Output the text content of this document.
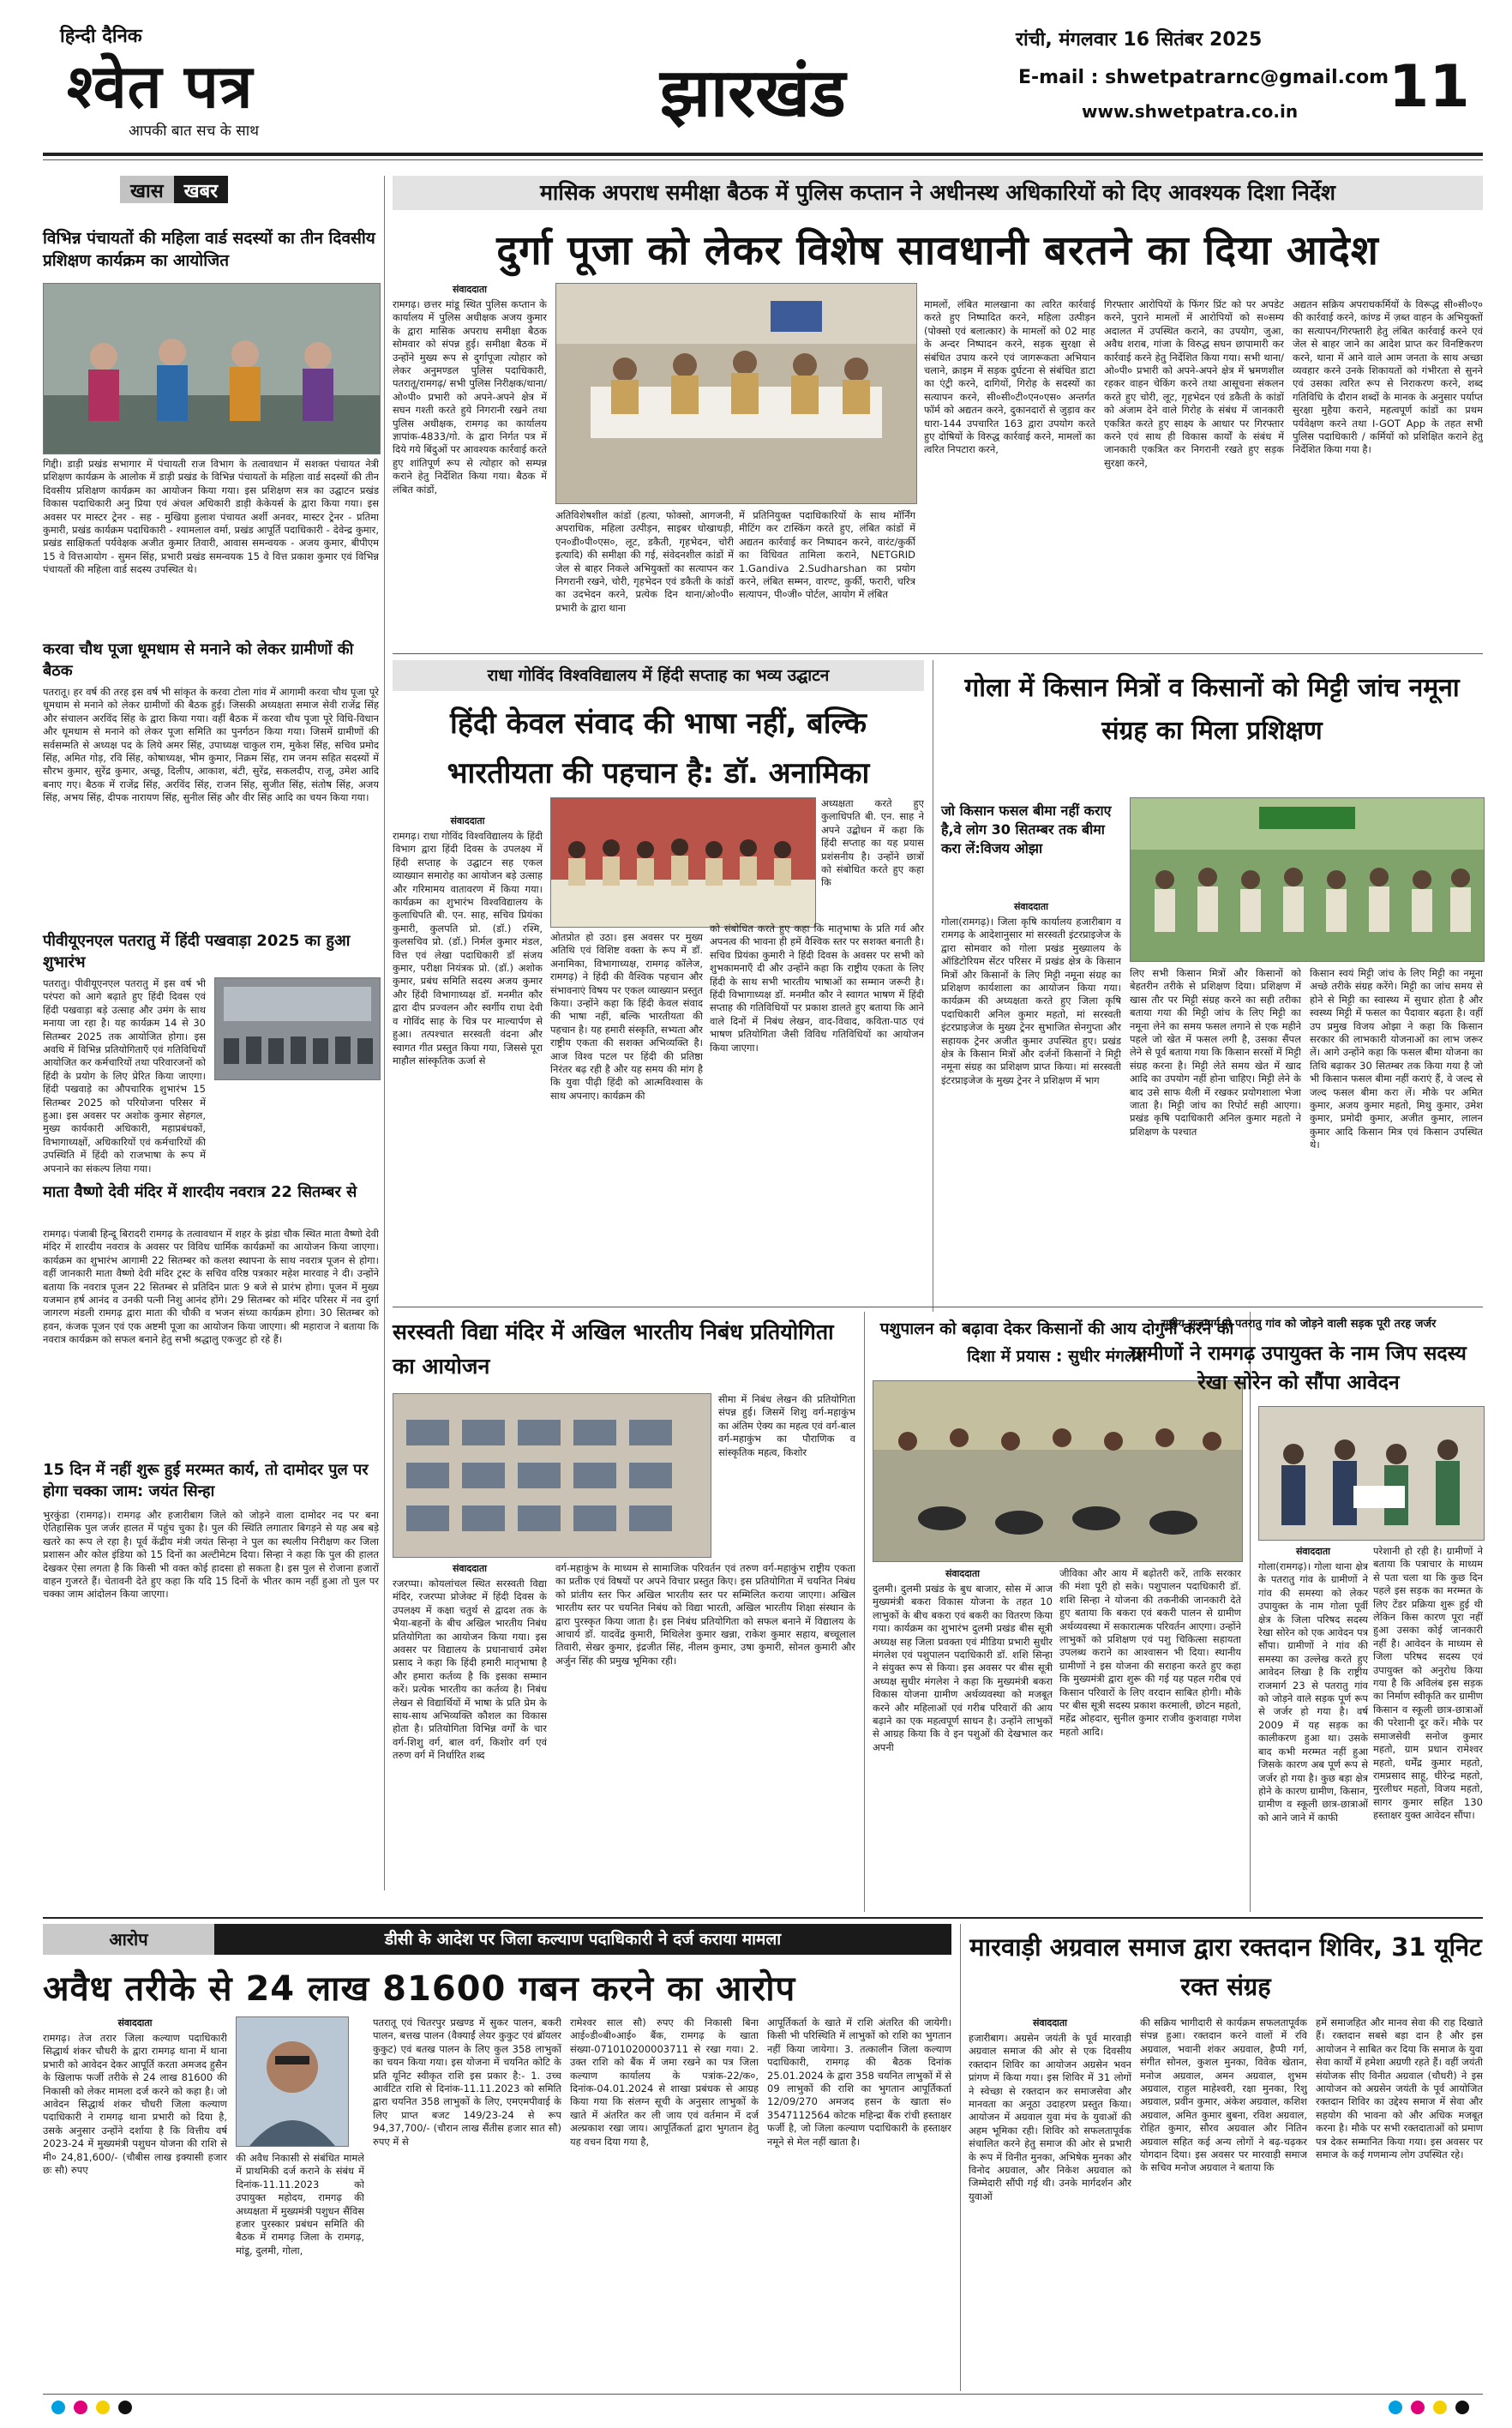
हिन्दी दैनिक
श्वेत पत्र
आपकी बात सच के साथ	झारखंड
रांची, मंगलवार 16 सितंबर 2025
E-mail : shwetpatrarnc@gmail.com
www.shwetpatra.co.in 11
खास	खबर
विभिन्न पंचायतों की महिला वार्ड सदस्यों का तीन दिवसीय प्रशिक्षण कार्यक्रम का आयोजित
गिद्दी। डाड़ी प्रखंड सभागार में पंचायती राज विभाग के तत्वावधान में सशक्त पंचायत नेत्री प्रशिक्षण कार्यक्रम के आलोक में डाड़ी प्रखंड के विभिन्न पंचायतों के महिला वार्ड सदस्यों की तीन दिवसीय प्रशिक्षण कार्यक्रम का आयोजन किया गया। इस प्रशिक्षण सत्र का उद्घाटन प्रखंड विकास पदाधिकारी अनु प्रिया एवं अंचल अधिकारी डाड़ी केकेयर्स के द्वारा किया गया। इस अवसर पर मास्टर ट्रेनर - सह - मुखिया हुलाश पंचायत अर्शी अनवर, मास्टर ट्रेनर - प्रतिमा कुमारी, प्रखंड कार्यक्रम पदाधिकारी - श्यामलाल वर्मा, प्रखंड आपूर्ति पदाधिकारी - देवेन्द्र कुमार, प्रखंड साक्षिकर्ता पर्यवेक्षक अजीत कुमार तिवारी, आवास समन्वयक - अजय कुमार, बीपीएम 15 वे वित्तआयोग - सुमन सिंह, प्रभारी प्रखंड समन्वयक 15 वे वित्त प्रकाश कुमार एवं विभिन्न पंचायतों की महिला वार्ड सदस्य उपस्थित थे।
करवा चौथ पूजा धूमधाम से मनाने को लेकर ग्रामीणों की बैठक
पतरातू। हर वर्ष की तरह इस वर्ष भी सांकृत के करवा टोला गांव में आगामी करवा चौथ पूजा पूरे धूमधाम से मनाने को लेकर ग्रामीणों की बैठक हुई। जिसकी अध्यक्षता समाज सेवी राजेंद्र सिंह और संचालन अरविंद सिंह के द्वारा किया गया। वहीं बैठक में करवा चौथ पूजा पूरे विधि-विधान और धूमधाम से मनाने को लेकर पूजा समिति का पुनर्गठन किया गया। जिसमें ग्रामीणों की सर्वसम्मति से अध्यक्ष पद के लिये अमर सिंह, उपाध्यक्ष चाकुल राम, मुकेश सिंह, सचिव प्रमोद सिंह, अमित गोड़, रवि सिंह, कोषाध्यक्ष, भीम कुमार, निक्रम सिंह, राम जनम सहित सदस्यों में सौरभ कुमार, सुरेंद्र कुमार, अच्छू, दिलीप, आकाश, बंटी, सुरेंद्र, सकलदीप, राजू, उमेश आदि बनाए गए। बैठक में राजेंद्र सिंह, अरविंद सिंह, राजन सिंह, सुजीत सिंह, संतोष सिंह, अजय सिंह, अभय सिंह, दीपक नारायण सिंह, सुनील सिंह और वीर सिंह आदि का चयन किया गया।
पीवीयूएनएल पतरातु में हिंदी पखवाड़ा 2025 का हुआ शुभारंभ
पतरातु। पीवीयूएनएल पतरातु में इस वर्ष भी परंपरा को आगे बढ़ाते हुए हिंदी दिवस एवं हिंदी पखवाड़ा बड़े उत्साह और उमंग के साथ मनाया जा रहा है। यह कार्यक्रम 14 से 30 सितम्बर 2025 तक आयोजित होगा। इस अवधि में विभिन्न प्रतियोगिताएँ एवं गतिविधियाँ आयोजित कर कर्मचारियों तथा परिवारजनों को हिंदी के प्रयोग के लिए प्रेरित किया जाएगा। हिंदी पखवाड़े का औपचारिक शुभारंभ 15 सितम्बर 2025 को परियोजना परिसर में हुआ। इस अवसर पर अशोक कुमार सेहगल, मुख्य कार्यकारी अधिकारी, महाप्रबंधकों, विभागाध्यक्षों, अधिकारियों एवं कर्मचारियों की उपस्थिति में हिंदी को राजभाषा के रूप में अपनाने का संकल्प लिया गया।
माता वैष्णो देवी मंदिर में शारदीय नवरात्र 22 सितम्बर से
रामगढ़। पंजाबी हिन्दू बिरादरी रामगढ़ के तत्वावधान में शहर के झंडा चौक स्थित माता वैष्णो देवी मंदिर में शारदीय नवरात्र के अवसर पर विविध धार्मिक कार्यक्रमों का आयोजन किया जाएगा। कार्यक्रम का शुभारंभ आगामी 22 सितम्बर को कलश स्थापना के साथ नवरात्र पूजन से होगा। वहीं जानकारी माता वैष्णो देवी मंदिर ट्रस्ट के सचिव वरिष्ठ पत्रकार महेश मारवाह ने दी। उन्होंने बताया कि नवरात्र पूजन 22 सितम्बर से प्रतिदिन प्रातः 9 बजे से प्रारंभ होगा। पूजन में मुख्य यजमान हर्ष आनंद व उनकी पत्नी निशु आनंद होंगे। 29 सितम्बर को मंदिर परिसर में नव दुर्गा जागरण मंडली रामगढ़ द्वारा माता की चौकी व भजन संध्या कार्यक्रम होगा। 30 सितम्बर को हवन, कंजक पूजन एवं एक अष्टमी पूजा का आयोजन किया जाएगा। श्री महाराज ने बताया कि नवरात्र कार्यक्रम को सफल बनाने हेतु सभी श्रद्धालु एकजुट हो रहे हैं।
15 दिन में नहीं शुरू हुई मरम्मत कार्य, तो दामोदर पुल पर होगा चक्का जाम: जयंत सिन्हा
भुरकुंडा (रामगढ़)। रामगढ़ और हजारीबाग जिले को जोड़ने वाला दामोदर नद पर बना ऐतिहासिक पुल जर्जर हालत में पहुंच चुका है। पुल की स्थिति लगातार बिगड़ने से यह अब बड़े खतरे का रूप ले रहा है। पूर्व केंद्रीय मंत्री जयंत सिन्हा ने पुल का स्थलीय निरीक्षण कर जिला प्रशासन और कोल इंडिया को 15 दिनों का अल्टीमेटम दिया। सिन्हा ने कहा कि पुल की हालत देखकर ऐसा लगता है कि किसी भी वक्त कोई हादसा हो सकता है। इस पुल से रोजाना हजारों वाहन गुजरते हैं। चेतावनी देते हुए कहा कि यदि 15 दिनों के भीतर काम नहीं हुआ तो पुल पर चक्का जाम आंदोलन किया जाएगा।
मासिक अपराध समीक्षा बैठक में पुलिस कप्तान ने अधीनस्थ अधिकारियों को दिए आवश्यक दिशा निर्देश
दुर्गा पूजा को लेकर विशेष सावधानी बरतने का दिया आदेश
संवाददाता
रामगढ़। छत्तर मांडू स्थित पुलिस कप्तान के कार्यालय में पुलिस अधीक्षक अजय कुमार के द्वारा मासिक अपराध समीक्षा बैठक सोमवार को संपन्न हुई। समीक्षा बैठक में उन्होंने मुख्य रूप से दुर्गापूजा त्योहार को लेकर अनुमण्डल पुलिस पदाधिकारी, पतरातू/रामगढ़/ सभी पुलिस निरीक्षक/थाना/ओ०पी० प्रभारी को अपने-अपने क्षेत्र में सघन गश्ती करते हुये निगरानी रखने तथा पुलिस अधीक्षक, रामगढ़ का कार्यालय ज्ञापांक-4833/गो. के द्वारा निर्गत पत्र में दिये गये बिंदुओं पर आवश्यक कार्रवाई करते हुए शांतिपूर्ण रूप से त्योहार को सम्पन्न कराने हेतु निर्देशित किया गया। बैठक में लंबित कांडों,
अतिविशेषशील कांडों (हत्या, फोक्सो, आगजनी, अपराधिक, महिला उत्पीड़न, साइबर धोखाधड़ी, एन०डी०पी०एस०, लूट, डकैती, गृहभेदन, चोरी इत्यादि) की समीक्षा की गई, संवेदनशील कांडों में जेल से बाहर निकले अभियुक्तों का सत्यापन कर निगरानी रखने, चोरी, गृहभेदन एवं डकैती के कांडों का उदभेदन करने, प्रत्येक दिन थाना/ओ०पी० प्रभारी के द्वारा थाना
में प्रतिनियुक्त पदाधिकारियों के साथ मॉर्निंग मीटिंग कर टास्किंग करते हुए, लंबित कांडों में अद्यतन कार्रवाई कर निष्पादन करने, वारंट/कुर्की का विधिवत तामिला कराने, NETGRID 1.Gandiva 2.Sudharshan का प्रयोग करने, लंबित सम्मन, वारण्ट, कुर्की, फरारी, चरित्र सत्यापन, पी०जी० पोर्टल, आयोग में लंबित
मामलों, लंबित मालखाना का त्वरित कार्रवाई करते हुए निष्पादित करने, महिला उत्पीड़न (पोक्सो एवं बलात्कार) के मामलों को 02 माह के अन्दर निष्पादन करने, सड़क सुरक्षा से संबंधित उपाय करने एवं जागरूकता अभियान चलाने, क्राइम में सड़क दुर्घटना से संबंधित डाटा का एंट्री करने, दागियों, गिरोह के सदस्यों का सत्यापन करने, सी०सी०टी०एन०एस० अन्तर्गत फॉर्म को अद्यतन करने, दुकानदारों से जुड़ाव कर धारा-144 उपचारित 163 द्वारा उपयोग करते हुए दोषियों के विरुद्ध कार्रवाई करने, मामलों का त्वरित निपटारा करने,
गिरफ्तार आरोपियों के फिंगर प्रिंट को पर अपडेट करने, पुराने मामलों में आरोपियों को स०सम्य अदालत में उपस्थित कराने, का उपयोग, जुआ, अवैध शराब, गांजा के विरुद्ध सघन छापामारी कर कार्रवाई करने हेतु निर्देशित किया गया। सभी थाना/ओ०पी० प्रभारी को अपने-अपने क्षेत्र में भ्रमणशील रहकर वाहन चेकिंग करने तथा आसूचना संकलन करते हुए चोरी, लूट, गृहभेदन एवं डकैती के कांडों को अंजाम देने वाले गिरोह के संबंध में जानकारी एकत्रित करते हुए साक्ष्य के आधार पर गिरफ्तार करने एवं साथ ही विकास कार्यों के संबंध में जानकारी एकत्रित कर निगरानी रखते हुए सड़क सुरक्षा करने,
अद्यतन सक्रिय अपराधकर्मियों के विरूद्ध सी०सी०ए० की कार्रवाई करने, कांण्ड में ज़ब्त वाहन के अभियुक्तों का सत्यापन/गिरफ्तारी हेतु लंबित कार्रवाई करने एवं जेल से बाहर जाने का आदेश प्राप्त कर विनष्टिकरण करने, थाना में आने वाले आम जनता के साथ अच्छा व्यवहार करने उनके शिकायतों को गंभीरता से सुनने एवं उसका त्वरित रूप से निराकरण करने, शब्द गतिविधि के दौरान शब्दों के मानक के अनुसार पर्याप्त सुरक्षा मुहैया कराने, महत्वपूर्ण कांडों का प्रथम पर्यवेक्षण करने तथा I-GOT App के तहत सभी पुलिस पदाधिकारी / कर्मियों को प्रशिक्षित कराने हेतु निर्देशित किया गया है।
राधा गोविंद विश्वविद्यालय में हिंदी सप्ताह का भव्य उद्घाटन
हिंदी केवल संवाद की भाषा नहीं, बल्कि भारतीयता की पहचान है: डॉ. अनामिका
अध्यक्षता करते हुए कुलाधिपति बी. एन. साह ने अपने उद्बोधन में कहा कि हिंदी सप्ताह का यह प्रयास प्रशंसनीय है। उन्होंने छात्रों को संबोधित करते हुए कहा कि
संवाददाता
रामगढ़। राधा गोविंद विश्वविद्यालय के हिंदी विभाग द्वारा हिंदी दिवस के उपलक्ष्य में हिंदी सप्ताह के उद्घाटन सह एकल व्याख्यान समारोह का आयोजन बड़े उत्साह और गरिमामय वातावरण में किया गया। कार्यक्रम का शुभारंभ विश्वविद्यालय के कुलाधिपति बी. एन. साह, सचिव प्रियंका कुमारी, कुलपति प्रो. (डॉ.) रश्मि, कुलसचिव प्रो. (डॉ.) निर्मल कुमार मंडल, वित्त एवं लेखा पदाधिकारी डॉ संजय कुमार, परीक्षा नियंत्रक प्रो. (डॉ.) अशोक कुमार, प्रबंध समिति सदस्य अजय कुमार और हिंदी विभागाध्यक्ष डॉ. मनमीत कौर द्वारा दीप प्रज्वलन और स्वर्गीय राधा देवी व गोविंद साह के चित्र पर माल्यार्पण से हुआ। तत्पश्चात सरस्वती वंदना और स्वागत गीत प्रस्तुत किया गया, जिससे पूरा माहौल सांस्कृतिक ऊर्जा से
ओतप्रोत हो उठा। इस अवसर पर मुख्य अतिथि एवं विशिष्ट वक्ता के रूप में डॉ. अनामिका, विभागाध्यक्ष, रामगढ़ कॉलेज, रामगढ़) ने हिंदी की वैश्विक पहचान और संभावनाएं विषय पर एकल व्याख्यान प्रस्तुत किया। उन्होंने कहा कि हिंदी केवल संवाद की भाषा नहीं, बल्कि भारतीयता की पहचान है। यह हमारी संस्कृति, सभ्यता और राष्ट्रीय एकता की सशक्त अभिव्यक्ति है। आज विश्व पटल पर हिंदी की प्रतिष्ठा निरंतर बढ़ रही है और यह समय की मांग है कि युवा पीढ़ी हिंदी को आत्मविश्वास के साथ अपनाए। कार्यक्रम की
को संबोधित करते हुए कहा कि मातृभाषा के प्रति गर्व और अपनत्व की भावना ही हमें वैश्विक स्तर पर सशक्त बनाती है। सचिव प्रियंका कुमारी ने हिंदी दिवस के अवसर पर सभी को शुभकामनाएँ दी और उन्होंने कहा कि राष्ट्रीय एकता के लिए हिंदी के साथ सभी भारतीय भाषाओं का सम्मान जरूरी है। हिंदी विभागाध्यक्ष डॉ. मनमीत कौर ने स्वागत भाषण में हिंदी सप्ताह की गतिविधियों पर प्रकाश डालते हुए बताया कि आने वाले दिनों में निबंध लेखन, वाद-विवाद, कविता-पाठ एवं भाषण प्रतियोगिता जैसी विविध गतिविधियों का आयोजन किया जाएगा।
गोला में किसान मित्रों व किसानों को मिट्टी जांच नमूना संग्रह का मिला प्रशिक्षण
जो किसान फसल बीमा नहीं कराए है,वे लोग 30 सितम्बर तक बीमा करा लें:विजय ओझा
संवाददाता
गोला(रामगढ़)। जिला कृषि कार्यालय हजारीबाग व रामगढ़ के आदेशानुसार मां सरस्वती इंटरप्राइजेज के द्वारा सोमवार को गोला प्रखंड मुख्यालय के ऑडिटोरियम सेंटर परिसर में प्रखंड क्षेत्र के किसान मित्रों और किसानों के लिए मिट्टी नमूना संग्रह का प्रशिक्षण कार्यशाला का आयोजन किया गया। कार्यक्रम की अध्यक्षता करते हुए जिला कृषि पदाधिकारी अनिल कुमार महतो, मां सरस्वती इंटरप्राइजेज के मुख्य ट्रेनर सुभाजित सेनगुप्ता और सहायक ट्रेनर अजीत कुमार उपस्थित हुए। प्रखंड क्षेत्र के किसान मित्रों और दर्जनों किसानों ने मिट्टी नमूना संग्रह का प्रशिक्षण प्राप्त किया। मां सरस्वती इंटरप्राइजेज के मुख्य ट्रेनर ने प्रशिक्षण में भाग
लिए सभी किसान मित्रों और किसानों को बेहतरीन तरीके से प्रशिक्षण दिया। प्रशिक्षण में खास तौर पर मिट्टी संग्रह करने का सही तरीका बताया गया की मिट्टी जांच के लिए मिट्टी का नमूना लेने का समय फसल लगाने से एक महीने पहले जो खेत में फसल लगी है, उसका सैंपल लेने से पूर्व बताया गया कि किसान सरसों में मिट्टी संग्रह करना है। मिट्टी लेते समय खेत में खाद आदि का उपयोग नहीं होना चाहिए। मिट्टी लेने के बाद उसे साफ थैली में रखकर प्रयोगशाला भेजा जाता है। मिट्टी जांच का रिपोर्ट सही आएगा। प्रखंड कृषि पदाधिकारी अनिल कुमार महतो ने प्रशिक्षण के पश्चात
किसान स्वयं मिट्टी जांच के लिए मिट्टी का नमूना अच्छे तरीके संग्रह करेंगे। मिट्टी का जांच समय से होने से मिट्टी का स्वास्थ्य में सुधार होता है और स्वस्थ्य मिट्टी में फसल का पैदावार बढ़ता है। वहीं उप प्रमुख विजय ओझा ने कहा कि किसान सरकार की लाभकारी योजनाओं का लाभ जरूर लें। आगे उन्होंने कहा कि फसल बीमा योजना का तिथि बढ़ाकर 30 सितम्बर तक किया गया है जो भी किसान फसल बीमा नहीं कराएं हैं, वे जल्द से जल्द फसल बीमा करा लें। मौके पर अमित कुमार, अजय कुमार महतो, मिथु कुमार, उमेश कुमार, प्रमोदी कुमार, अजीत कुमार, लालन कुमार आदि किसान मित्र एवं किसान उपस्थित थे।
सरस्वती विद्या मंदिर में अखिल भारतीय निबंध प्रतियोगिता का आयोजन
सीमा में निबंध लेखन की प्रतियोगिता संपन्न हुई। जिसमें शिशु वर्ग-महाकुंभ का अंतिम ऐक्य का महत्व एवं वर्ग-बाल वर्ग-महाकुंभ का पौराणिक व सांस्कृतिक महत्व, किशोर
संवाददाता
रजरप्पा। कोयलांचल स्थित सरस्वती विद्या मंदिर, रजरप्पा प्रोजेक्ट में हिंदी दिवस के उपलक्ष्य में कक्षा चतुर्थ से द्वादश तक के भैया-बहनों के बीच अखिल भारतीय निबंध प्रतियोगिता का आयोजन किया गया। इस अवसर पर विद्यालय के प्रधानाचार्य उमेश प्रसाद ने कहा कि हिंदी हमारी मातृभाषा है और हमारा कर्तव्य है कि इसका सम्मान करें। प्रत्येक भारतीय का कर्तव्य है। निबंध लेखन से विद्यार्थियों में भाषा के प्रति प्रेम के साथ-साथ अभिव्यक्ति कौशल का विकास होता है। प्रतियोगिता विभिन्न वर्गों के चार वर्ग-शिशु वर्ग, बाल वर्ग, किशोर वर्ग एवं तरुण वर्ग में निर्धारित शब्द
वर्ग-महाकुंभ के माध्यम से सामाजिक परिवर्तन एवं तरुण वर्ग-महाकुंभ राष्ट्रीय एकता का प्रतीक एवं विषयों पर अपने विचार प्रस्तुत किए। इस प्रतियोगिता में चयनित निबंध को प्रांतीय स्तर फिर अखिल भारतीय स्तर पर सम्मिलित कराया जाएगा। अखिल भारतीय स्तर पर चयनित निबंध को विद्या भारती, अखिल भारतीय शिक्षा संस्थान के द्वारा पुरस्कृत किया जाता है। इस निबंध प्रतियोगिता को सफल बनाने में विद्यालय के आचार्य डॉ. यादवेंद्र कुमारी, मिथिलेश कुमार खन्ना, राकेश कुमार सहाय, बच्चूलाल तिवारी, सेखर कुमार, इंद्रजीत सिंह, नीलम कुमार, उषा कुमारी, सोनल कुमारी और अर्जुन सिंह की प्रमुख भूमिका रही।
पशुपालन को बढ़ावा देकर किसानों की आय दोगुनी करने की दिशा में प्रयास : सुधीर मंगलेश
संवाददाता
दुलमी। दुलमी प्रखंड के बुध बाजार, सोस में आज मुख्यमंत्री बकरा विकास योजना के तहत 10 लाभुकों के बीच बकरा एवं बकरी का वितरण किया गया। कार्यक्रम का शुभारंभ दुलमी प्रखंड बीस सूत्री अध्यक्ष सह जिला प्रवक्ता एवं मीडिया प्रभारी सुधीर मंगलेश एवं पशुपालन पदाधिकारी डॉ. शशि सिन्हा ने संयुक्त रूप से किया। इस अवसर पर बीस सूत्री अध्यक्ष सुधीर मंगलेश ने कहा कि मुख्यमंत्री बकरा विकास योजना ग्रामीण अर्थव्यवस्था को मजबूत करने और महिलाओं एवं गरीब परिवारों की आय बढ़ाने का एक महत्वपूर्ण साधन है। उन्होंने लाभुकों से आग्रह किया कि वे इन पशुओं की देखभाल कर अपनी
जीविका और आय में बढ़ोतरी करें, ताकि सरकार की मंशा पूरी हो सके। पशुपालन पदाधिकारी डॉ. शशि सिन्हा ने योजना की तकनीकी जानकारी देते हुए बताया कि बकरा एवं बकरी पालन से ग्रामीण अर्थव्यवस्था में सकारात्मक परिवर्तन आएगा। उन्होंने लाभुकों को प्रशिक्षण एवं पशु चिकित्सा सहायता उपलब्ध कराने का आश्वासन भी दिया। स्थानीय ग्रामीणों ने इस योजना की सराहना करते हुए कहा कि मुख्यमंत्री द्वारा शुरू की गई यह पहल गरीब एवं किसान परिवारों के लिए वरदान साबित होगी। मौके पर बीस सूत्री सदस्य प्रकाश करमाली, छोटन महतो, महेंद्र ओहदार, सुनील कुमार राजीव कुशवाहा गणेश महतो आदि।
राष्ट्रीय राजमार्ग से पतरातु गांव को जोड़ने वाली सड़क पूरी तरह जर्जर
ग्रामीणों ने रामगढ़ उपायुक्त के नाम जिप सदस्य रेखा सोरेन को सौंपा आवेदन
संवाददाता
गोला(रामगढ़)। गोला थाना क्षेत्र के पतरातु गांव के ग्रामीणों ने गांव की समस्या को लेकर उपायुक्त के नाम गोला पूर्वी क्षेत्र के जिला परिषद सदस्य रेखा सोरेन को एक आवेदन पत्र सौंपा। ग्रामीणों ने गांव की समस्या का उल्लेख करते हुए आवेदन लिखा है कि राष्ट्रीय राजमार्ग 23 से पतरातु गांव को जोड़ने वाले सड़क पूर्ण रूप से जर्जर हो गया है। वर्ष 2009 में यह सड़क का कालीकरण हुआ था। उसके बाद कभी मरम्मत नहीं हुआ जिसके कारण अब पूर्ण रूप से जर्जर हो गया है। कुछ बड़ा क्षेत्र होने के कारण ग्रामीण, किसान, ग्रामीण व स्कूली छात्र-छात्राओं को आने जाने में काफी
परेशानी हो रही है। ग्रामीणों ने बताया कि पत्राचार के माध्यम से पता चला था कि कुछ दिन पहले इस सड़क का मरम्मत के लिए टेंडर प्रक्रिया शुरू हुई थी लेकिन किस कारण पूरा नहीं हुआ उसका कोई जानकारी नहीं है। आवेदन के माध्यम से जिला परिषद सदस्य एवं उपायुक्त को अनुरोध किया गया है कि अविलंब इस सड़क का निर्माण स्वीकृति कर ग्रामीण किसान व स्कूली छात्र-छात्राओं की परेशानी दूर करें। मौके पर समाजसेवी सनोज कुमार महतो, ग्राम प्रधान रामेश्वर महतो, धर्मेंद्र कुमार महतो, रामप्रसाद साहू, धीरेन्द्र महतो, मुरलीधर महतो, विजय महतो, सागर कुमार सहित 130 हस्ताक्षर युक्त आवेदन सौंपा।
आरोप	डीसी के आदेश पर जिला कल्याण पदाधिकारी ने दर्ज कराया मामला
अवैध तरीके से 24 लाख 81600 गबन करने का आरोप
संवाददाता
रामगढ़। तेज तरार जिला कल्याण पदाधिकारी सिद्धार्थ शंकर चौधरी के द्वारा रामगढ़ थाना में थाना प्रभारी को आवेदन देकर आपूर्ति करता अमजद हुसैन के खिलाफ फर्जी तरीके से 24 लाख 81600 की निकासी को लेकर मामला दर्ज करने को कहा है। जो आवेदन सिद्धार्थ शंकर चौधरी जिला कल्याण पदाधिकारी ने रामगढ़ थाना प्रभारी को दिया है, उसके अनुसार उन्होंने दर्शाया है कि वित्तीय वर्ष 2023-24 में मुख्यमंत्री पशुधन योजना की राशि से मी० 24,81,600/- (चौबीस लाख इक्यासी हजार छः सौ) रुपए
की अवैध निकासी से संबंधित मामले में प्राथमिकी दर्ज कराने के संबंध में दिनांक-11.11.2023 को उपायुक्त महोदय, रामगढ़ की अध्यक्षता में मुख्यमंत्री पशुधन सैंविस हजार पुरस्कार प्रबंधन समिति की बैठक में रामगढ़ जिला के रामगढ़, मांडू, दुलमी, गोला,
पतरातू एवं चितरपुर प्रखण्ड में सुकर पालन, बकरी पालन, बत्तख पालन (वैक्याईं लेयर कुकुट एवं ब्रॉयलर कुकुट) एवं बतख पालन के लिए कुल 358 लाभुकों का चयन किया गया। इस योजना में चयनित कोटि के प्रति यूनिट स्वीकृत राशि इस प्रकार है:- 1. उच्च आर्वटित राशि से दिनांक-11.11.2023 को समिति द्वारा चयनित 358 लाभुकों के लिए, एमएमपीवाई के लिए प्राप्त बजट 149/23-24 से रूप 94,37,700/- (चौरान लाख सैंतीस हजार सात सौ) रुपए में से
रामेश्वर साल सौ) रुपए की निकासी बिना आई०डी०बी०आई० बैंक, रामगढ़ के खाता संख्या-071010200003711 से रखा गया। 2. उक्त राशि को बैंक में जमा रखने का पत्र जिला कल्याण कार्यालय के पत्रांक-22/क०, दिनांक-04.01.2024 से शाखा प्रबंधक से आग्रह किया गया कि संलग्न सूची के अनुसार लाभुकों के खाते में अंतरित कर ली जाय एवं वर्तमान में दर्ज अल्प्रकाश रखा जाय। आपूर्तिकर्ता द्वारा भुगतान हेतु यह वचन दिया गया है,
आपूर्तिकर्ता के खाते में राशि अंतरित की जायेगी। किसी भी परिस्थिति में लाभुकों को राशि का भुगतान नहीं किया जायेगा। 3. तत्कालीन जिला कल्याण पदाधिकारी, रामगढ़ की बैठक दिनांक 25.01.2024 के द्वारा 358 चयनित लाभुकों में से 09 लाभुकों की राशि का भुगतान आपूर्तिकर्ता 12/09/270 अमजद हसन के खाता सं० 3547112564 कोटक महिन्द्रा बैंक रांची हस्ताक्षर फर्जी है, जो जिला कल्याण पदाधिकारी के हस्ताक्षर नमूने से मेल नहीं खाता है।
मारवाड़ी अग्रवाल समाज द्वारा रक्तदान शिविर, 31 यूनिट रक्त संग्रह
संवाददाता
हजारीबाग। अग्रसेन जयंती के पूर्व मारवाड़ी अग्रवाल समाज की ओर से एक दिवसीय रक्तदान शिविर का आयोजन अग्रसेन भवन प्रांगण में किया गया। इस शिविर में 31 लोगों ने स्वेच्छा से रक्तदान कर समाजसेवा और मानवता का अनूठा उदाहरण प्रस्तुत किया। आयोजन में अग्रवाल युवा मंच के युवाओं की अहम भूमिका रही। शिविर को सफलतापूर्वक संचालित करने हेतु समाज की ओर से प्रभारी के रूप में विनीत मुनका, अभिषेक मुनका और विनोद अग्रवाल, और निकेश अग्रवाल को जिम्मेदारी सौंपी गई थी। उनके मार्गदर्शन और युवाओं
की सक्रिय भागीदारी से कार्यक्रम सफलतापूर्वक संपन्न हुआ। रक्तदान करने वालों में रवि अग्रवाल, भवानी शंकर अग्रवाल, हैप्पी गर्ग, संगीत सोनल, कुशल मुनका, विवेक खेतान, मनोज अग्रवाल, अमन अग्रवाल, शुभम अग्रवाल, राहुल माहेश्वरी, रक्षा मुनका, रिशु अग्रवाल, प्रवीन कुमार, अंकेश अग्रवाल, कशिश अग्रवाल, अमित कुमार बुबना, रविश अग्रवाल, रोहित कुमार, सौरव अग्रवाल और नितिन अग्रवाल सहित कई अन्य लोगों ने बढ़-चढ़कर योगदान दिया। इस अवसर पर मारवाड़ी समाज के सचिव मनोज अग्रवाल ने बताया कि
हमें समाजहित और मानव सेवा की राह दिखाते हैं। रक्तदान सबसे बड़ा दान है और इस आयोजन ने साबित कर दिया कि समाज के युवा सेवा कार्यों में हमेशा अग्रणी रहते हैं। वहीं जयंती संयोजक सीए विनीत अग्रवाल (चौधरी) ने इस आयोजन को अग्रसेन जयंती के पूर्व आयोजित रक्तदान शिविर का उद्देश्य समाज में सेवा और सहयोग की भावना को और अधिक मजबूत करना है। मौके पर सभी रक्तदाताओं को प्रमाण पत्र देकर सम्मानित किया गया। इस अवसर पर समाज के कई गणमान्य लोग उपस्थित रहे।
